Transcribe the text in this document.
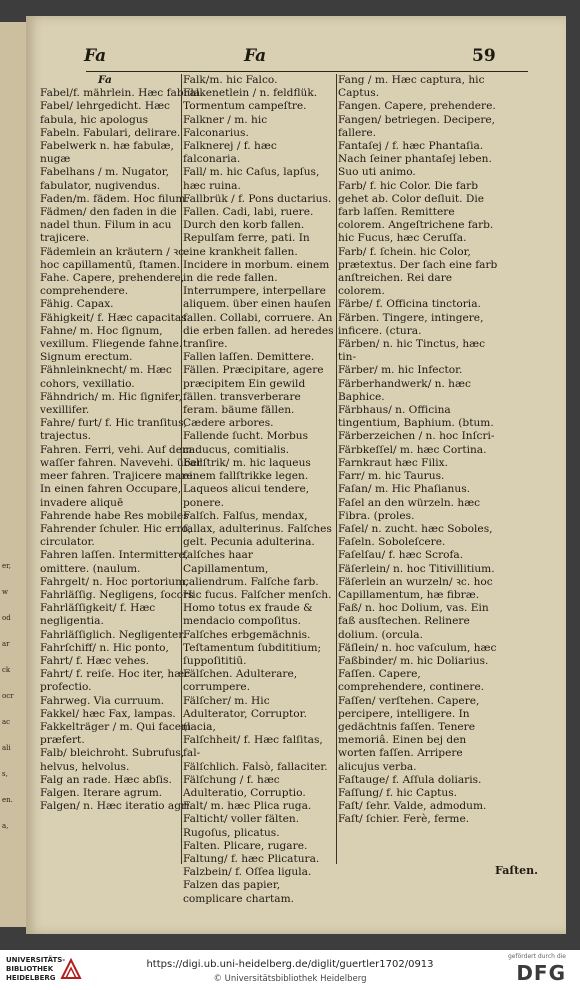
er,
w
od
ar
ck
ocr
ac
ali
s,
en.
a,
Fa	Fa	59
Fa
Fabel/f. mährlein. Hæc fabula.
Fabel/ lehrgedicht. Hæc fabula, hic apologus
Fabeln. Fabulari, delirare.
Fabelwerk n. hæ fabulæ, nugæ
Fabelhans / m. Nugator, fabulator, nugivendus.
Faden/m. fädem. Hoc filum.
Fädmen/ den faden in die nadel thun. Filum in acu trajicere.
Fädemlein an kräutern / ꝛc. hoc capillamentū, ſtamen.
Fahe. Capere, prehendere, comprehendere.
Fähig. Capax.
Fähigkeit/ f. Hæc capacitas.
Fahne/ m. Hoc ſignum, vexillum. Fliegende fahne. Signum erectum.
Fähnleinknecht/ m. Hæc cohors, vexillatio.
Fähndrich/ m. Hic ſignifer, vexillifer.
Fahre/ furt/ f. Hic tranſitus, trajectus.
Fahren. Ferri, vehi. Auf dem waſſer fahren. Navevehi. über meer fahren. Trajicere mare. In einen fahren Occupare, invadere aliquē
Fahrende habe Res mobiles
Fahrender ſchuler. Hic erro, circulator.
Fahren laſſen. Intermittere, omittere. (naulum.
Fahrgelt/ n. Hoc portorium,
Fahrläſſig. Negligens, ſocors
Fahrläſſigkeit/ f. Hæc negligentia.
Fahrläſſiglich. Negligenter.
Fahrſchiff/ n. Hic ponto,
Fahrt/ f. Hæc vehes.
Fahrt/ f. reiſe. Hoc iter, hæc profectio.
Fahrweg. Via curruum.
Fakkel/ hæc Fax, lampas.
Fakkelträger / m. Qui facem præfert.
Falb/ bleichroht. Subrufus, helvus, helvolus.
Falg an rade. Hæc abſis.
Falgen. Iterare agrum.
Falgen/ n. Hæc iteratio agri.
Falk/m. hic Falco.
Falkenetlein / n. feldflük. Tormentum campeſtre.
Falkner / m. hic Falconarius.
Falknerej / f. hæc falconaria.
Fall/ m. hic Caſus, lapſus, hæc ruina.
Fallbrük / f. Pons ductarius.
Fallen. Cadi, labi, ruere. Durch den korb fallen. Repulſam ferre, pati. In eine krankheit fallen. Incidere in morbum. einem in die rede fallen. Interrumpere, interpellare aliquem. über einen hauſen fallen. Collabi, corruere. An die erben fallen. ad heredes tranſire.
Fallen laſſen. Demittere.
Fällen. Præcipitare, agere præcipitem Ein gewild fällen. transverberare feram. bäume fällen. Cædere arbores.
Fallende ſucht. Morbus caducus, comitialis.
Fallſtrik/ m. hic laqueus einem fallſtrikke legen. Laqueos alicui tendere, ponere.
Falſch. Falſus, mendax, fallax, adulterinus. Falſches gelt. Pecunia adulterina. falſches haar Capillamentum, caliendrum. Falſche farb. Hic fucus. Falſcher menſch. Homo totus ex fraude & mendacio compoſitus. Falſches erbgemächnis. Teſtamentum ſubdititium; ſuppoſititiū.
Fälſchen. Adulterare, corrumpere.
Fälſcher/ m. Hic Adulterator, Corruptor. (lacia,
Falſchheit/ f. Hæc falſitas, fal-
Fälſchlich. Falsò, fallaciter.
Fälſchung / f. hæc Adulteratio, Corruptio.
Falt/ m. hæc Plica ruga.
Falticht/ voller fälten. Rugoſus, plicatus.
Falten. Plicare, rugare.
Faltung/ f. hæc Plicatura.
Falzbein/ f. Oſſea ligula.
Falzen das papier, complicare chartam.
Fang / m. Hæc captura, hic Captus.
Fangen. Capere, prehendere.
Fangen/ betriegen. Decipere, fallere.
Fantaſej / f. hæc Phantaſia. Nach ſeiner phantaſej leben. Suo uti animo.
Farb/ f. hic Color. Die farb gehet ab. Color deſluit. Die farb laſſen. Remittere colorem. Angeſtrichene farb. hic Fucus, hæc Ceruſſa.
Farb/ f. ſchein. hic Color, prætextus. Der ſach eine farb anſtreichen. Rei dare colorem.
Färbe/ f. Officina tinctoria.
Färben. Tingere, intingere, inficere. (ctura.
Färben/ n. hic Tinctus, hæc tin-
Färber/ m. hic Infector.
Färberhandwerk/ n. hæc Baphice.
Färbhaus/ n. Officina tingentium, Baphium. (btum.
Färberzeichen / n. hoc Inſcri-
Färbkeſſel/ m. hæc Cortina.
Farnkraut hæc Filix.
Farr/ m. hic Taurus.
Faſan/ m. Hic Phaſianus.
Faſel an den würzeln. hæc Fibra. (proles.
Faſel/ n. zucht. hæc Soboles,
Faſeln. Soboleſcere.
Faſelſau/ f. hæc Scrofa.
Fäſerlein/ n. hoc Titivillitium.
Fäſerlein an wurzeln/ ꝛc. hoc Capillamentum, hæ fibræ.
Faß/ n. hoc Dolium, vas. Ein faß ausſtechen. Relinere dolium. (orcula.
Fäſlein/ n. hoc vaſculum, hæc
Faßbinder/ m. hic Doliarius.
Faſſen. Capere, comprehendere, continere.
Faſſen/ verſtehen. Capere, percipere, intelligere. In gedächtnis faſſen. Tenere memoriâ. Einen bej den worten faſſen. Arripere alicujus verba.
Faſtauge/ f. Aſſula doliaris.
Faſſung/ f. hic Captus.
Faſt/ ſehr. Valde, admodum.
Faſt/ ſchier. Ferè, ferme.
Faſten.
UNIVERSITÄTS-
BIBLIOTHEK
HEIDELBERG
https://digi.ub.uni-heidelberg.de/diglit/guertler1702/0913
© Universitätsbibliothek Heidelberg
gefördert durch die
DFG
